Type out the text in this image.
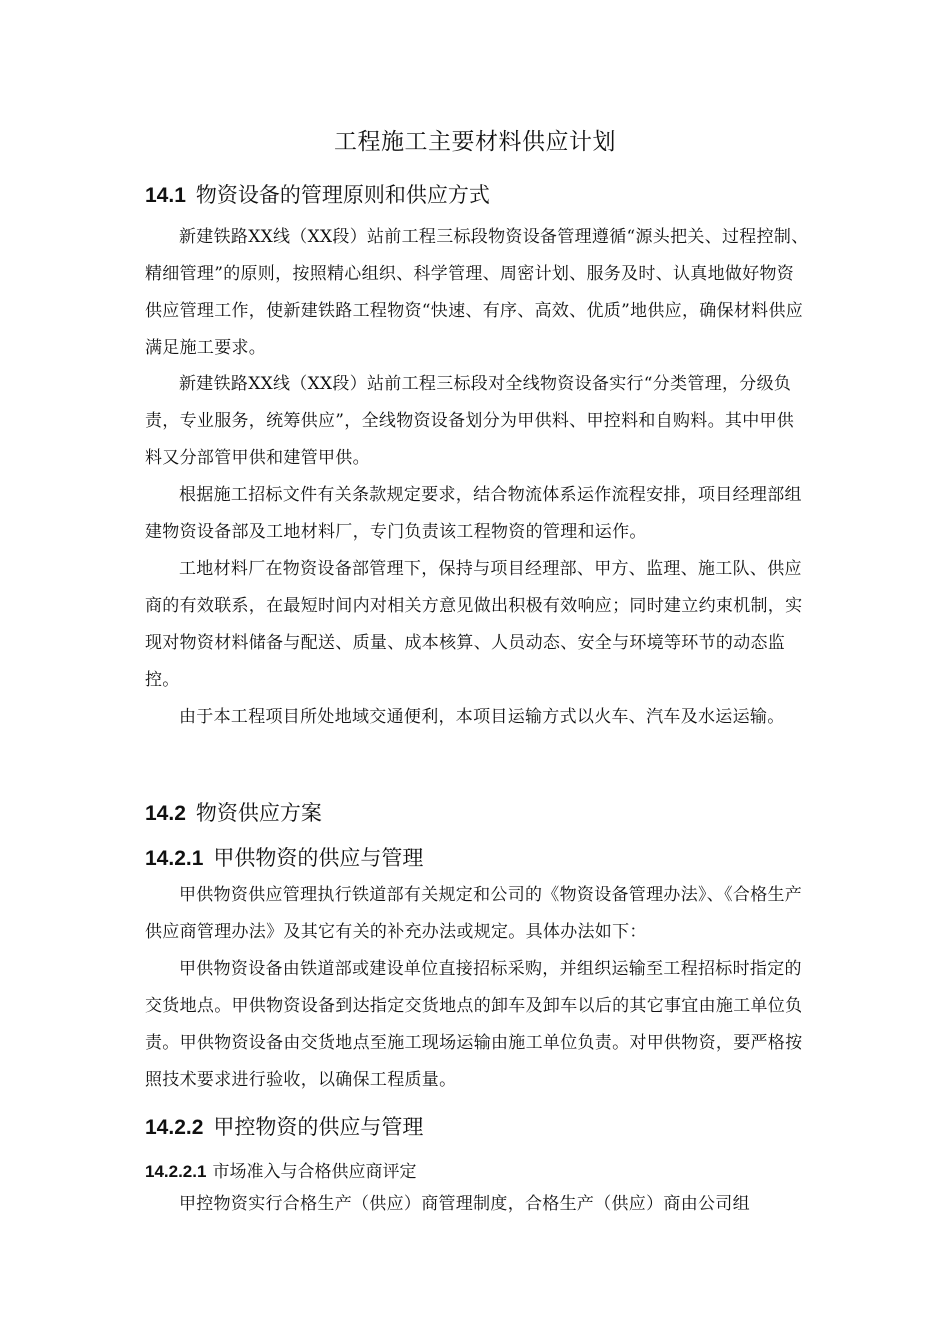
工程施工主要材料供应计划
14.1 物资设备的管理原则和供应方式

新建铁路XX线（XX段）站前工程三标段物资设备管理遵循“源头把关、过程控制、精细管理”的原则，按照精心组织、科学管理、周密计划、服务及时、认真地做好物资供应管理工作，使新建铁路工程物资“快速、有序、高效、优质”地供应，确保材料供应满足施工要求。

新建铁路XX线（XX段）站前工程三标段对全线物资设备实行“分类管理，分级负责，专业服务，统筹供应”，全线物资设备划分为甲供料、甲控料和自购料。其中甲供料又分部管甲供和建管甲供。

根据施工招标文件有关条款规定要求，结合物流体系运作流程安排，项目经理部组建物资设备部及工地材料厂，专门负责该工程物资的管理和运作。

工地材料厂在物资设备部管理下，保持与项目经理部、甲方、监理、施工队、供应商的有效联系，在最短时间内对相关方意见做出积极有效响应；同时建立约束机制，实现对物资材料储备与配送、质量、成本核算、人员动态、安全与环境等环节的动态监控。

由于本工程项目所处地域交通便利，本项目运输方式以火车、汽车及水运运输。

14.2 物资供应方案
14.2.1 甲供物资的供应与管理

甲供物资供应管理执行铁道部有关规定和公司的《物资设备管理办法》、《合格生产供应商管理办法》及其它有关的补充办法或规定。具体办法如下：

甲供物资设备由铁道部或建设单位直接招标采购，并组织运输至工程招标时指定的交货地点。甲供物资设备到达指定交货地点的卸车及卸车以后的其它事宜由施工单位负责。甲供物资设备由交货地点至施工现场运输由施工单位负责。对甲供物资，要严格按照技术要求进行验收，以确保工程质量。

14.2.2 甲控物资的供应与管理
14.2.2.1 市场准入与合格供应商评定

甲控物资实行合格生产（供应）商管理制度，合格生产（供应）商由公司组
